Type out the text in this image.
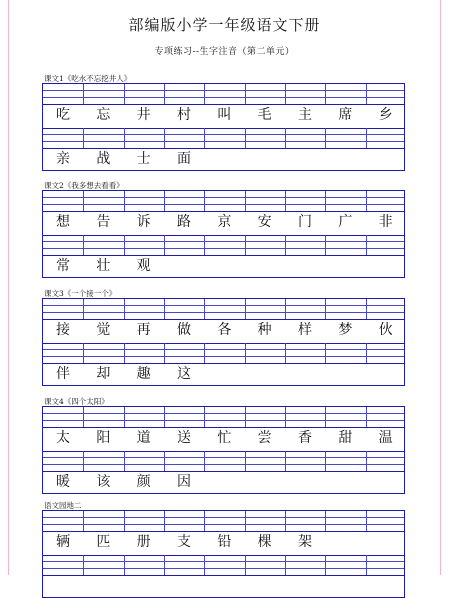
部编版小学一年级语文下册
专项练习--生字注音（第二单元）
课文1《吃水不忘挖井人》
吃	忘	井	村	叫	毛	主	席	乡
亲	战	士	面
课文2《我多想去看看》
想	告	诉	路	京	安	门	广	非
常	壮	观
课文3《一个接一个》
接	觉	再	做	各	种	样	梦	伙
伴	却	趣	这
课文4《四个太阳》
太	阳	道	送	忙	尝	香	甜	温
暖	该	颜	因
语文园地二
辆	匹	册	支	铅	棵	架
